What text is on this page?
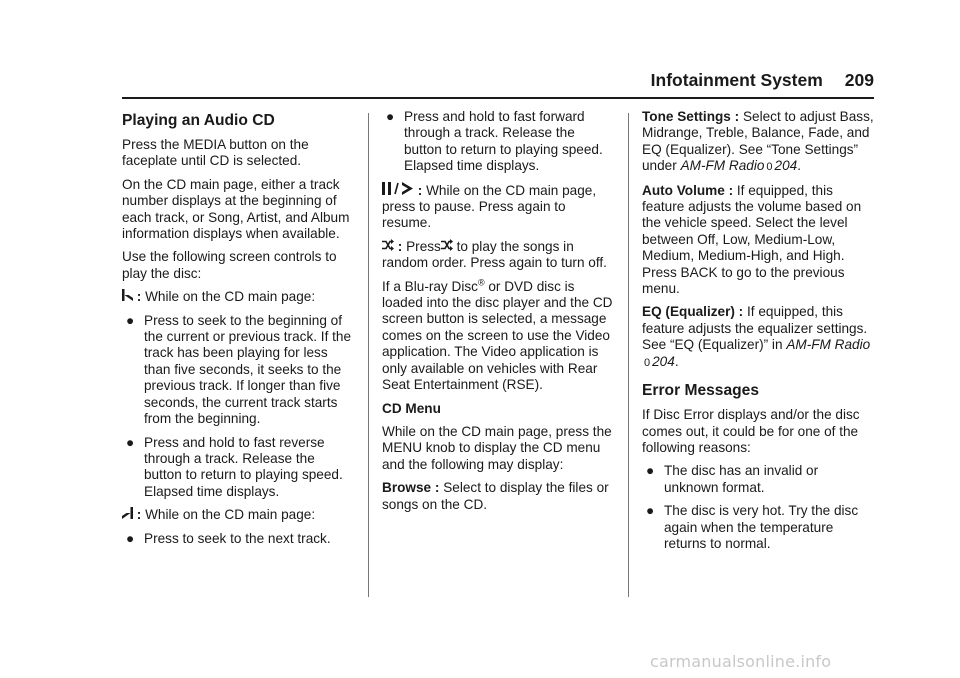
Infotainment System 209
Playing an Audio CD

Press the MEDIA button on the faceplate until CD is selected.

On the CD main page, either a track number displays at the beginning of each track, or Song, Artist, and Album information displays when available.

Use the following screen controls to play the disc:

: While on the CD main page:

● Press to seek to the beginning of the current or previous track. If the track has been playing for less than five seconds, it seeks to the previous track. If longer than five seconds, the current track starts from the beginning.
● Press and hold to fast reverse through a track. Release the button to return to playing speed. Elapsed time displays.

: While on the CD main page:

● Press to seek to the next track.
● Press and hold to fast forward through a track. Release the button to return to playing speed. Elapsed time displays.

: While on the CD main page, press to pause. Press again to resume.

: Press to play the songs in random order. Press again to turn off.

If a Blu-ray Disc® or DVD disc is loaded into the disc player and the CD screen button is selected, a message comes on the screen to use the Video application. The Video application is only available on vehicles with Rear Seat Entertainment (RSE).

CD Menu

While on the CD main page, press the MENU knob to display the CD menu and the following may display:

Browse : Select to display the files or songs on the CD.

Tone Settings : Select to adjust Bass, Midrange, Treble, Balance, Fade, and EQ (Equalizer). See “Tone Settings” under AM-FM Radio 0 204.

Auto Volume : If equipped, this feature adjusts the volume based on the vehicle speed. Select the level between Off, Low, Medium-Low, Medium, Medium-High, and High. Press BACK to go to the previous menu.

EQ (Equalizer) : If equipped, this feature adjusts the equalizer settings. See “EQ (Equalizer)” in AM-FM Radio0 204.

Error Messages

If Disc Error displays and/or the disc comes out, it could be for one of the following reasons:

● The disc has an invalid or unknown format.
● The disc is very hot. Try the disc again when the temperature returns to normal.
carmanualsonline.info
